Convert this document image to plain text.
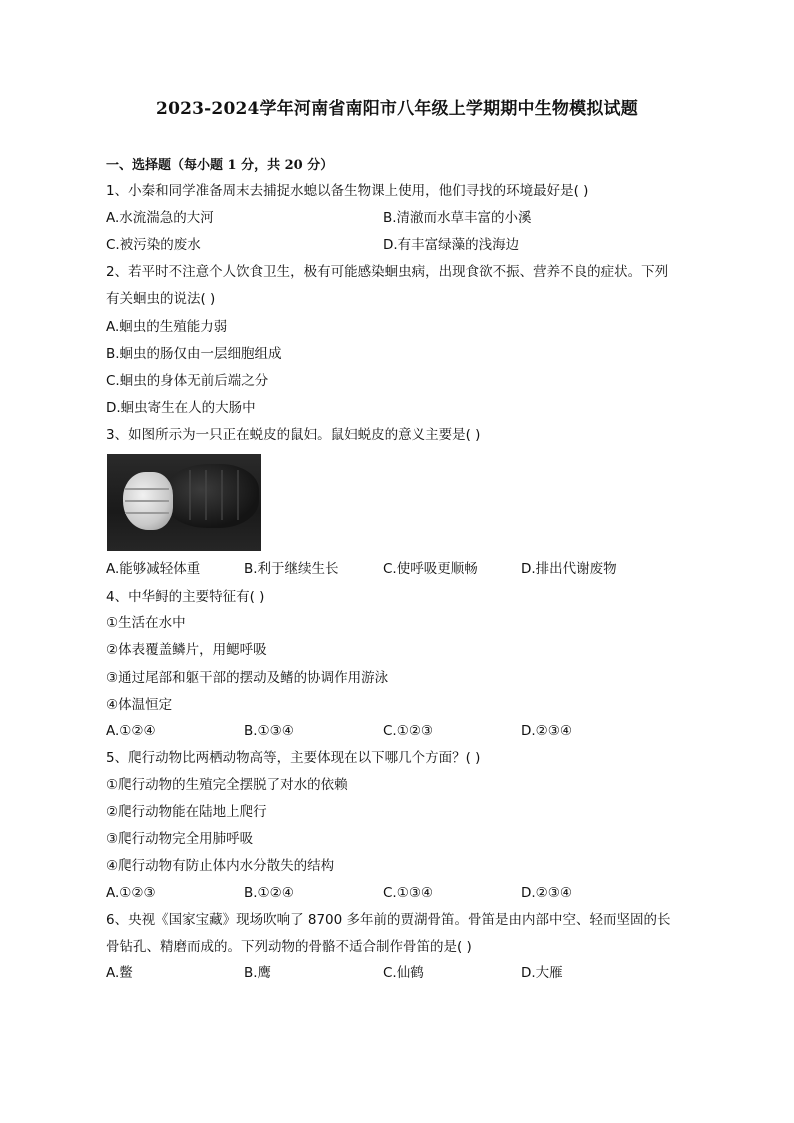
2023-2024学年河南省南阳市八年级上学期期中生物模拟试题
一、选择题（每小题 1 分，共 20 分）
1、小秦和同学准备周末去捕捉水螅以备生物课上使用，他们寻找的环境最好是( )
A.水流湍急的大河	B.清澈而水草丰富的小溪
C.被污染的废水	D.有丰富绿藻的浅海边
2、若平时不注意个人饮食卫生，极有可能感染蛔虫病，出现食欲不振、营养不良的症状。下列
有关蛔虫的说法( )
A.蛔虫的生殖能力弱
B.蛔虫的肠仅由一层细胞组成
C.蛔虫的身体无前后端之分
D.蛔虫寄生在人的大肠中
3、如图所示为一只正在蜕皮的鼠妇。鼠妇蜕皮的意义主要是( )
A.能够减轻体重	B.利于继续生长	C.使呼吸更顺畅	D.排出代谢废物
4、中华鲟的主要特征有( )
①生活在水中
②体表覆盖鳞片，用鳃呼吸
③通过尾部和躯干部的摆动及鳍的协调作用游泳
④体温恒定
A.①②④	B.①③④	C.①②③	D.②③④
5、爬行动物比两栖动物高等，主要体现在以下哪几个方面？( )
①爬行动物的生殖完全摆脱了对水的依赖
②爬行动物能在陆地上爬行
③爬行动物完全用肺呼吸
④爬行动物有防止体内水分散失的结构
A.①②③	B.①②④	C.①③④	D.②③④
6、央视《国家宝藏》现场吹响了 8700 多年前的贾湖骨笛。骨笛是由内部中空、轻而坚固的长
骨钻孔、精磨而成的。下列动物的骨骼不适合制作骨笛的是( )
A.鳖	B.鹰	C.仙鹤	D.大雁
